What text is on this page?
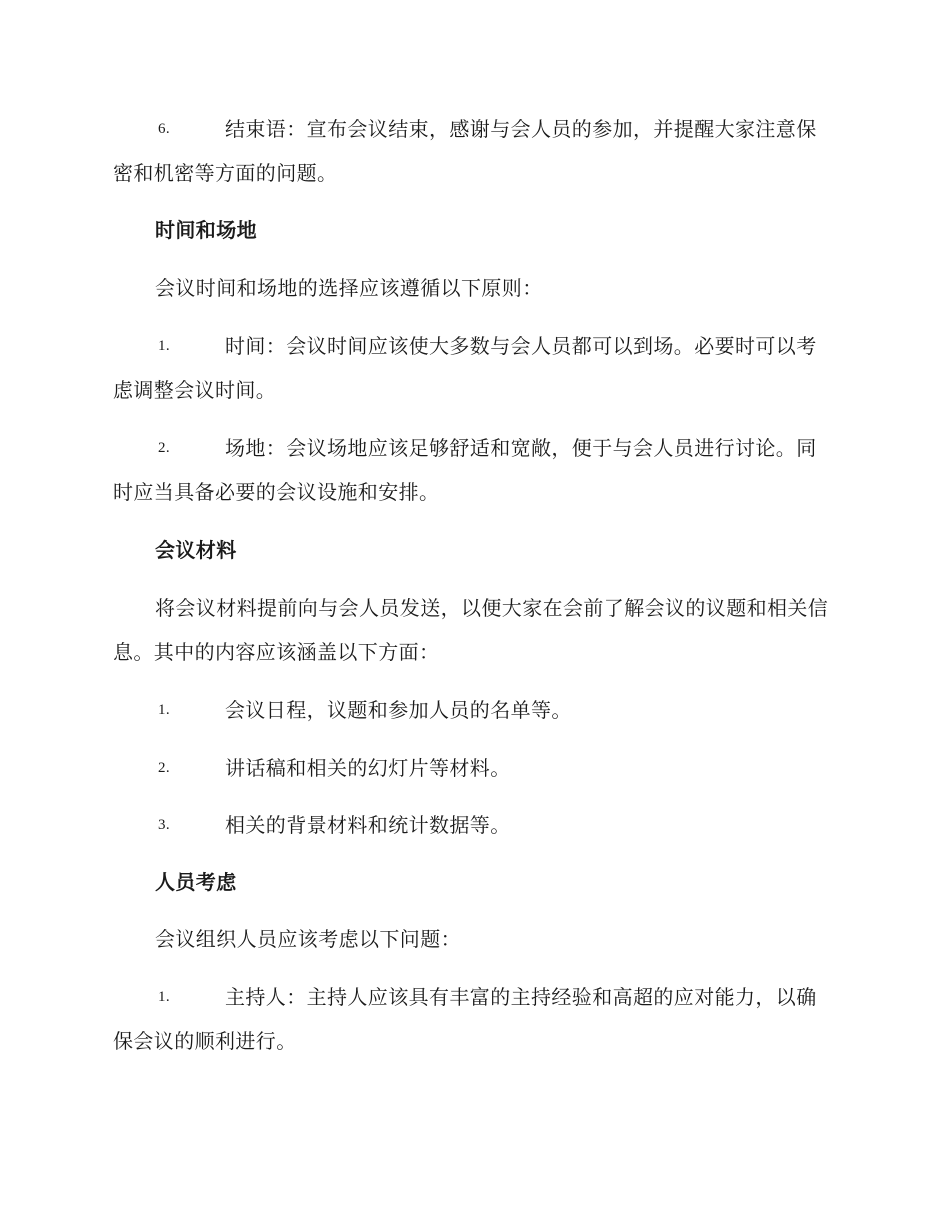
6.	结束语：宣布会议结束，感谢与会人员的参加，并提醒大家注意保密和机密等方面的问题。
时间和场地
会议时间和场地的选择应该遵循以下原则：
1.	时间：会议时间应该使大多数与会人员都可以到场。必要时可以考虑调整会议时间。
2.	场地：会议场地应该足够舒适和宽敞，便于与会人员进行讨论。同时应当具备必要的会议设施和安排。
会议材料
将会议材料提前向与会人员发送，以便大家在会前了解会议的议题和相关信息。其中的内容应该涵盖以下方面：
1.	会议日程，议题和参加人员的名单等。
2.	讲话稿和相关的幻灯片等材料。
3.	相关的背景材料和统计数据等。
人员考虑
会议组织人员应该考虑以下问题：
1.	主持人：主持人应该具有丰富的主持经验和高超的应对能力，以确保会议的顺利进行。
